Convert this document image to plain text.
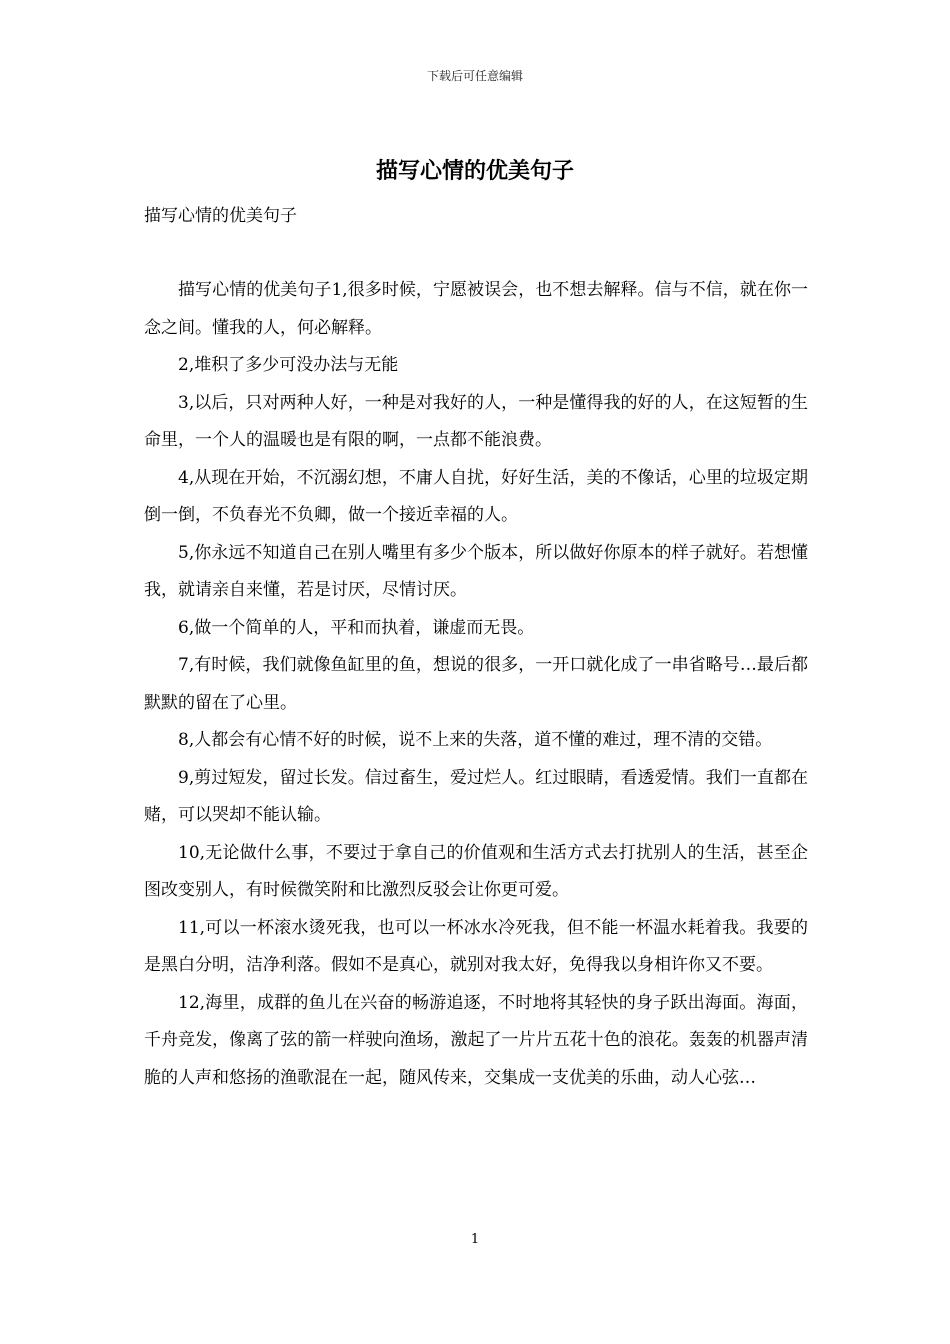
下载后可任意编辑
描写心情的优美句子

描写心情的优美句子

描写心情的优美句子1,很多时候，宁愿被误会，也不想去解释。信与不信，就在你一念之间。懂我的人，何必解释。

2,堆积了多少可没办法与无能

3,以后，只对两种人好，一种是对我好的人，一种是懂得我的好的人，在这短暂的生命里，一个人的温暖也是有限的啊，一点都不能浪费。

4,从现在开始，不沉溺幻想，不庸人自扰，好好生活，美的不像话，心里的垃圾定期倒一倒，不负春光不负卿，做一个接近幸福的人。

5,你永远不知道自己在别人嘴里有多少个版本，所以做好你原本的样子就好。若想懂我，就请亲自来懂，若是讨厌，尽情讨厌。

6,做一个简单的人，平和而执着，谦虚而无畏。

7,有时候，我们就像鱼缸里的鱼，想说的很多，一开口就化成了一串省略号…最后都默默的留在了心里。

8,人都会有心情不好的时候，说不上来的失落，道不懂的难过，理不清的交错。

9,剪过短发，留过长发。信过畜生，爱过烂人。红过眼睛，看透爱情。我们一直都在赌，可以哭却不能认输。

10,无论做什么事，不要过于拿自己的价值观和生活方式去打扰别人的生活，甚至企图改变别人，有时候微笑附和比激烈反驳会让你更可爱。

11,可以一杯滚水烫死我，也可以一杯冰水冷死我，但不能一杯温水耗着我。我要的是黑白分明，洁净利落。假如不是真心，就别对我太好，免得我以身相许你又不要。

12,海里，成群的鱼儿在兴奋的畅游追逐，不时地将其轻快的身子跃出海面。海面，千舟竞发，像离了弦的箭一样驶向渔场，激起了一片片五花十色的浪花。轰轰的机器声清脆的人声和悠扬的渔歌混在一起，随风传来，交集成一支优美的乐曲，动人心弦…

1
